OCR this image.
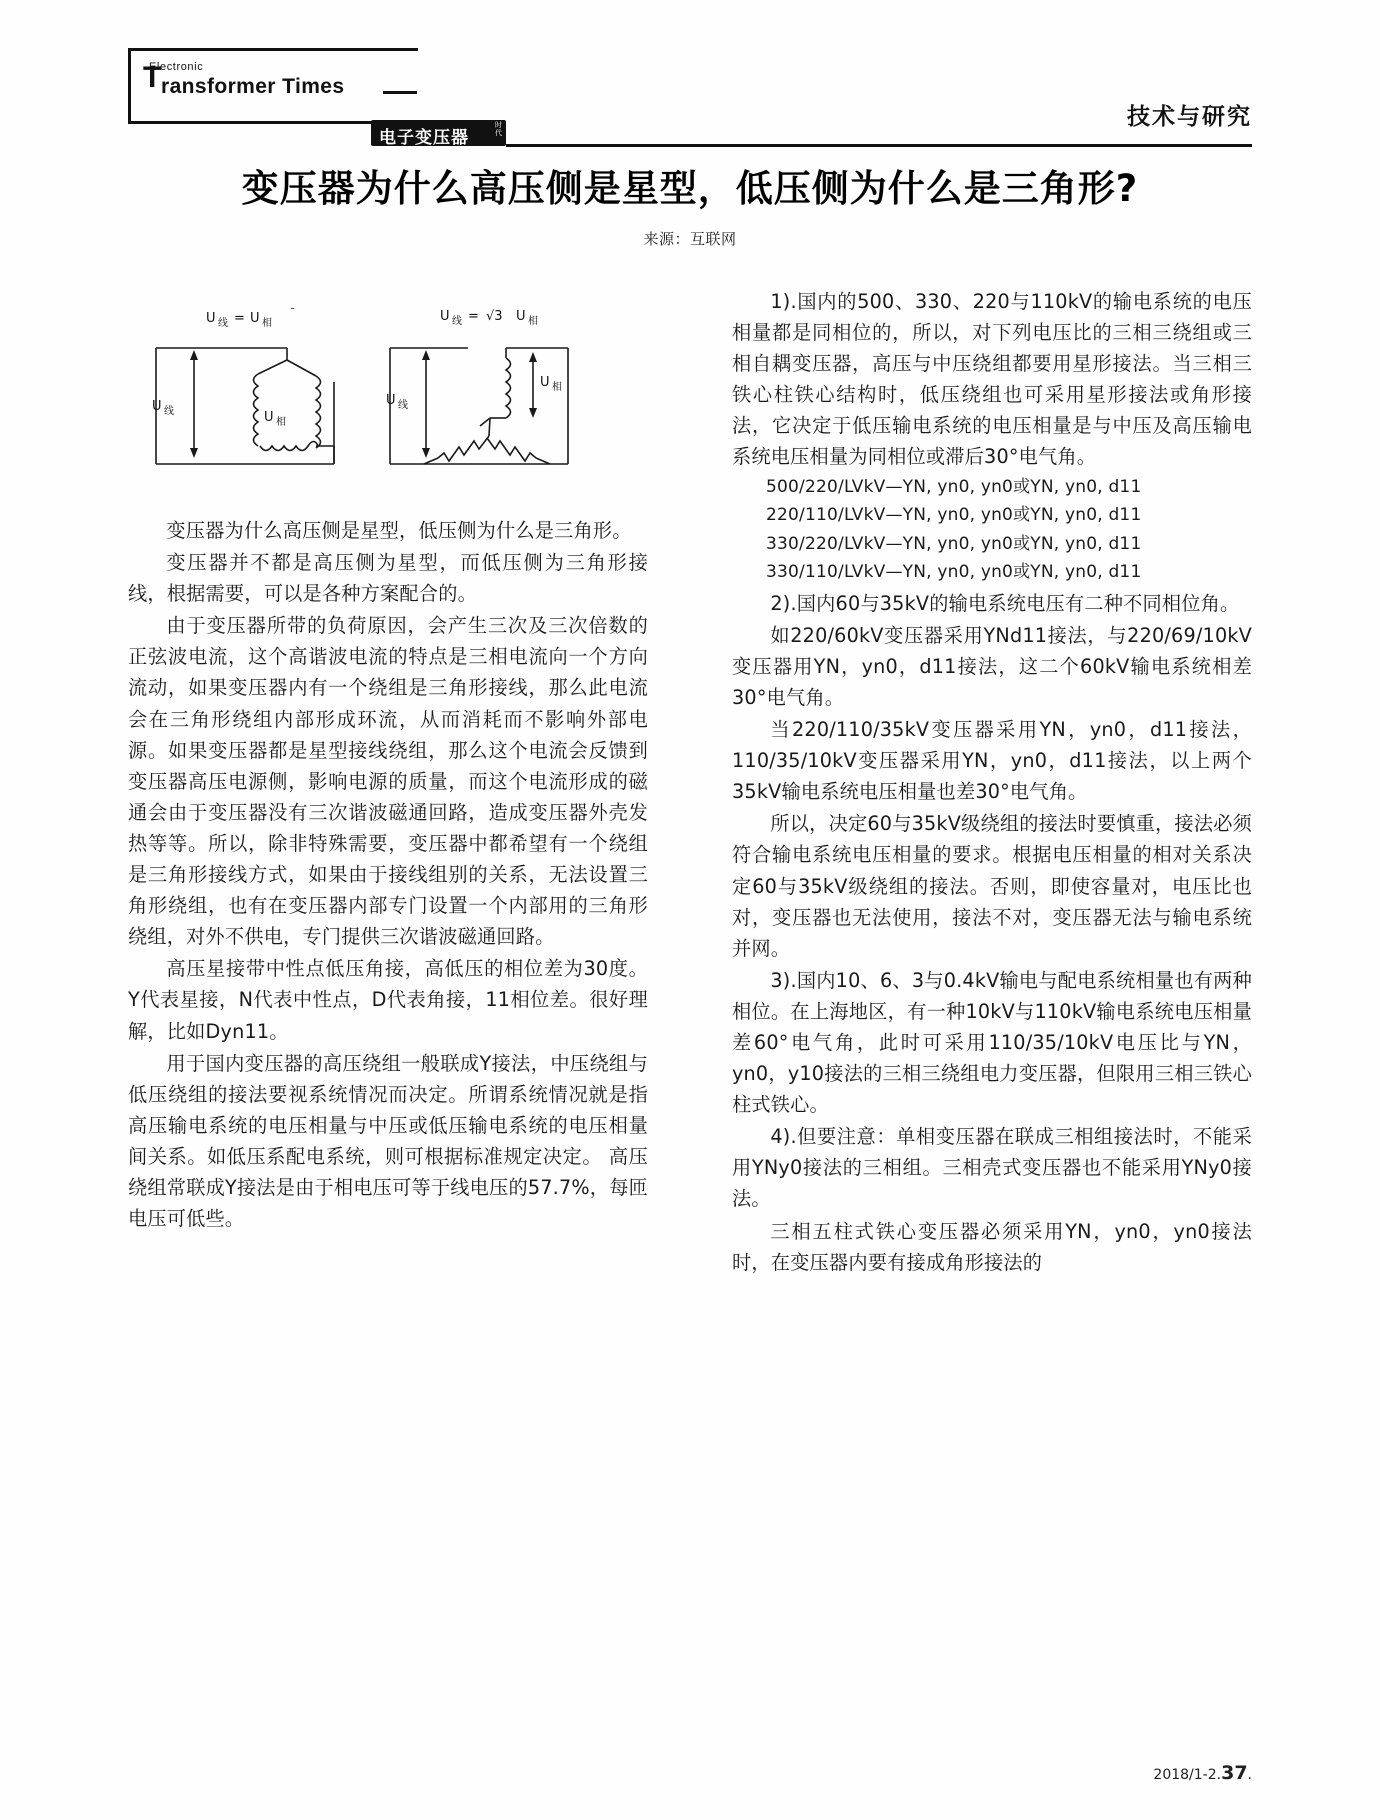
Electronic
T ransformer Times
电子变压器
时
代
技术与研究
变压器为什么高压侧是星型，低压侧为什么是三角形?
来源：互联网
U 线 = U 相
¯
U 线	U 相
U 线 = √3 U 相
U 线
U 相

变压器为什么高压侧是星型，低压侧为什么是三角形。

变压器并不都是高压侧为星型，而低压侧为三角形接线，根据需要，可以是各种方案配合的。

由于变压器所带的负荷原因，会产生三次及三次倍数的正弦波电流，这个高谐波电流的特点是三相电流向一个方向流动，如果变压器内有一个绕组是三角形接线，那么此电流会在三角形绕组内部形成环流，从而消耗而不影响外部电源。如果变压器都是星型接线绕组，那么这个电流会反馈到变压器高压电源侧，影响电源的质量，而这个电流形成的磁通会由于变压器没有三次谐波磁通回路，造成变压器外壳发热等等。所以，除非特殊需要，变压器中都希望有一个绕组是三角形接线方式，如果由于接线组别的关系，无法设置三角形绕组，也有在变压器内部专门设置一个内部用的三角形绕组，对外不供电，专门提供三次谐波磁通回路。

高压星接带中性点低压角接，高低压的相位差为30度。Y代表星接，N代表中性点，D代表角接，11相位差。很好理解，比如Dyn11。

用于国内变压器的高压绕组一般联成Y接法，中压绕组与低压绕组的接法要视系统情况而决定。所谓系统情况就是指高压输电系统的电压相量与中压或低压输电系统的电压相量间关系。如低压系配电系统，则可根据标准规定决定。 高压绕组常联成Y接法是由于相电压可等于线电压的57.7%，每匝电压可低些。

1).国内的500、330、220与110kV的输电系统的电压相量都是同相位的，所以，对下列电压比的三相三绕组或三相自耦变压器，高压与中压绕组都要用星形接法。当三相三铁心柱铁心结构时，低压绕组也可采用星形接法或角形接法，它决定于低压输电系统的电压相量是与中压及高压输电系统电压相量为同相位或滞后30°电气角。

500/220/LVkV—YN, yn0, yn0或YN, yn0, d11

220/110/LVkV—YN, yn0, yn0或YN, yn0, d11

330/220/LVkV—YN, yn0, yn0或YN, yn0, d11

330/110/LVkV—YN, yn0, yn0或YN, yn0, d11

2).国内60与35kV的输电系统电压有二种不同相位角。

如220/60kV变压器采用YNd11接法，与220/69/10kV变压器用YN，yn0，d11接法，这二个60kV输电系统相差30°电气角。

当220/110/35kV变压器采用YN，yn0，d11接法，110/35/10kV变压器采用YN，yn0，d11接法，以上两个35kV输电系统电压相量也差30°电气角。

所以，决定60与35kV级绕组的接法时要慎重，接法必须符合输电系统电压相量的要求。根据电压相量的相对关系决定60与35kV级绕组的接法。否则，即使容量对，电压比也对，变压器也无法使用，接法不对，变压器无法与输电系统并网。

3).国内10、6、3与0.4kV输电与配电系统相量也有两种相位。在上海地区，有一种10kV与110kV输电系统电压相量差60°电气角，此时可采用110/35/10kV电压比与YN，yn0，y10接法的三相三绕组电力变压器，但限用三相三铁心柱式铁心。

4).但要注意：单相变压器在联成三相组接法时，不能采用YNy0接法的三相组。三相壳式变压器也不能采用YNy0接法。

三相五柱式铁心变压器必须采用YN，yn0，yn0接法时，在变压器内要有接成角形接法的

2018/1-2.37.
